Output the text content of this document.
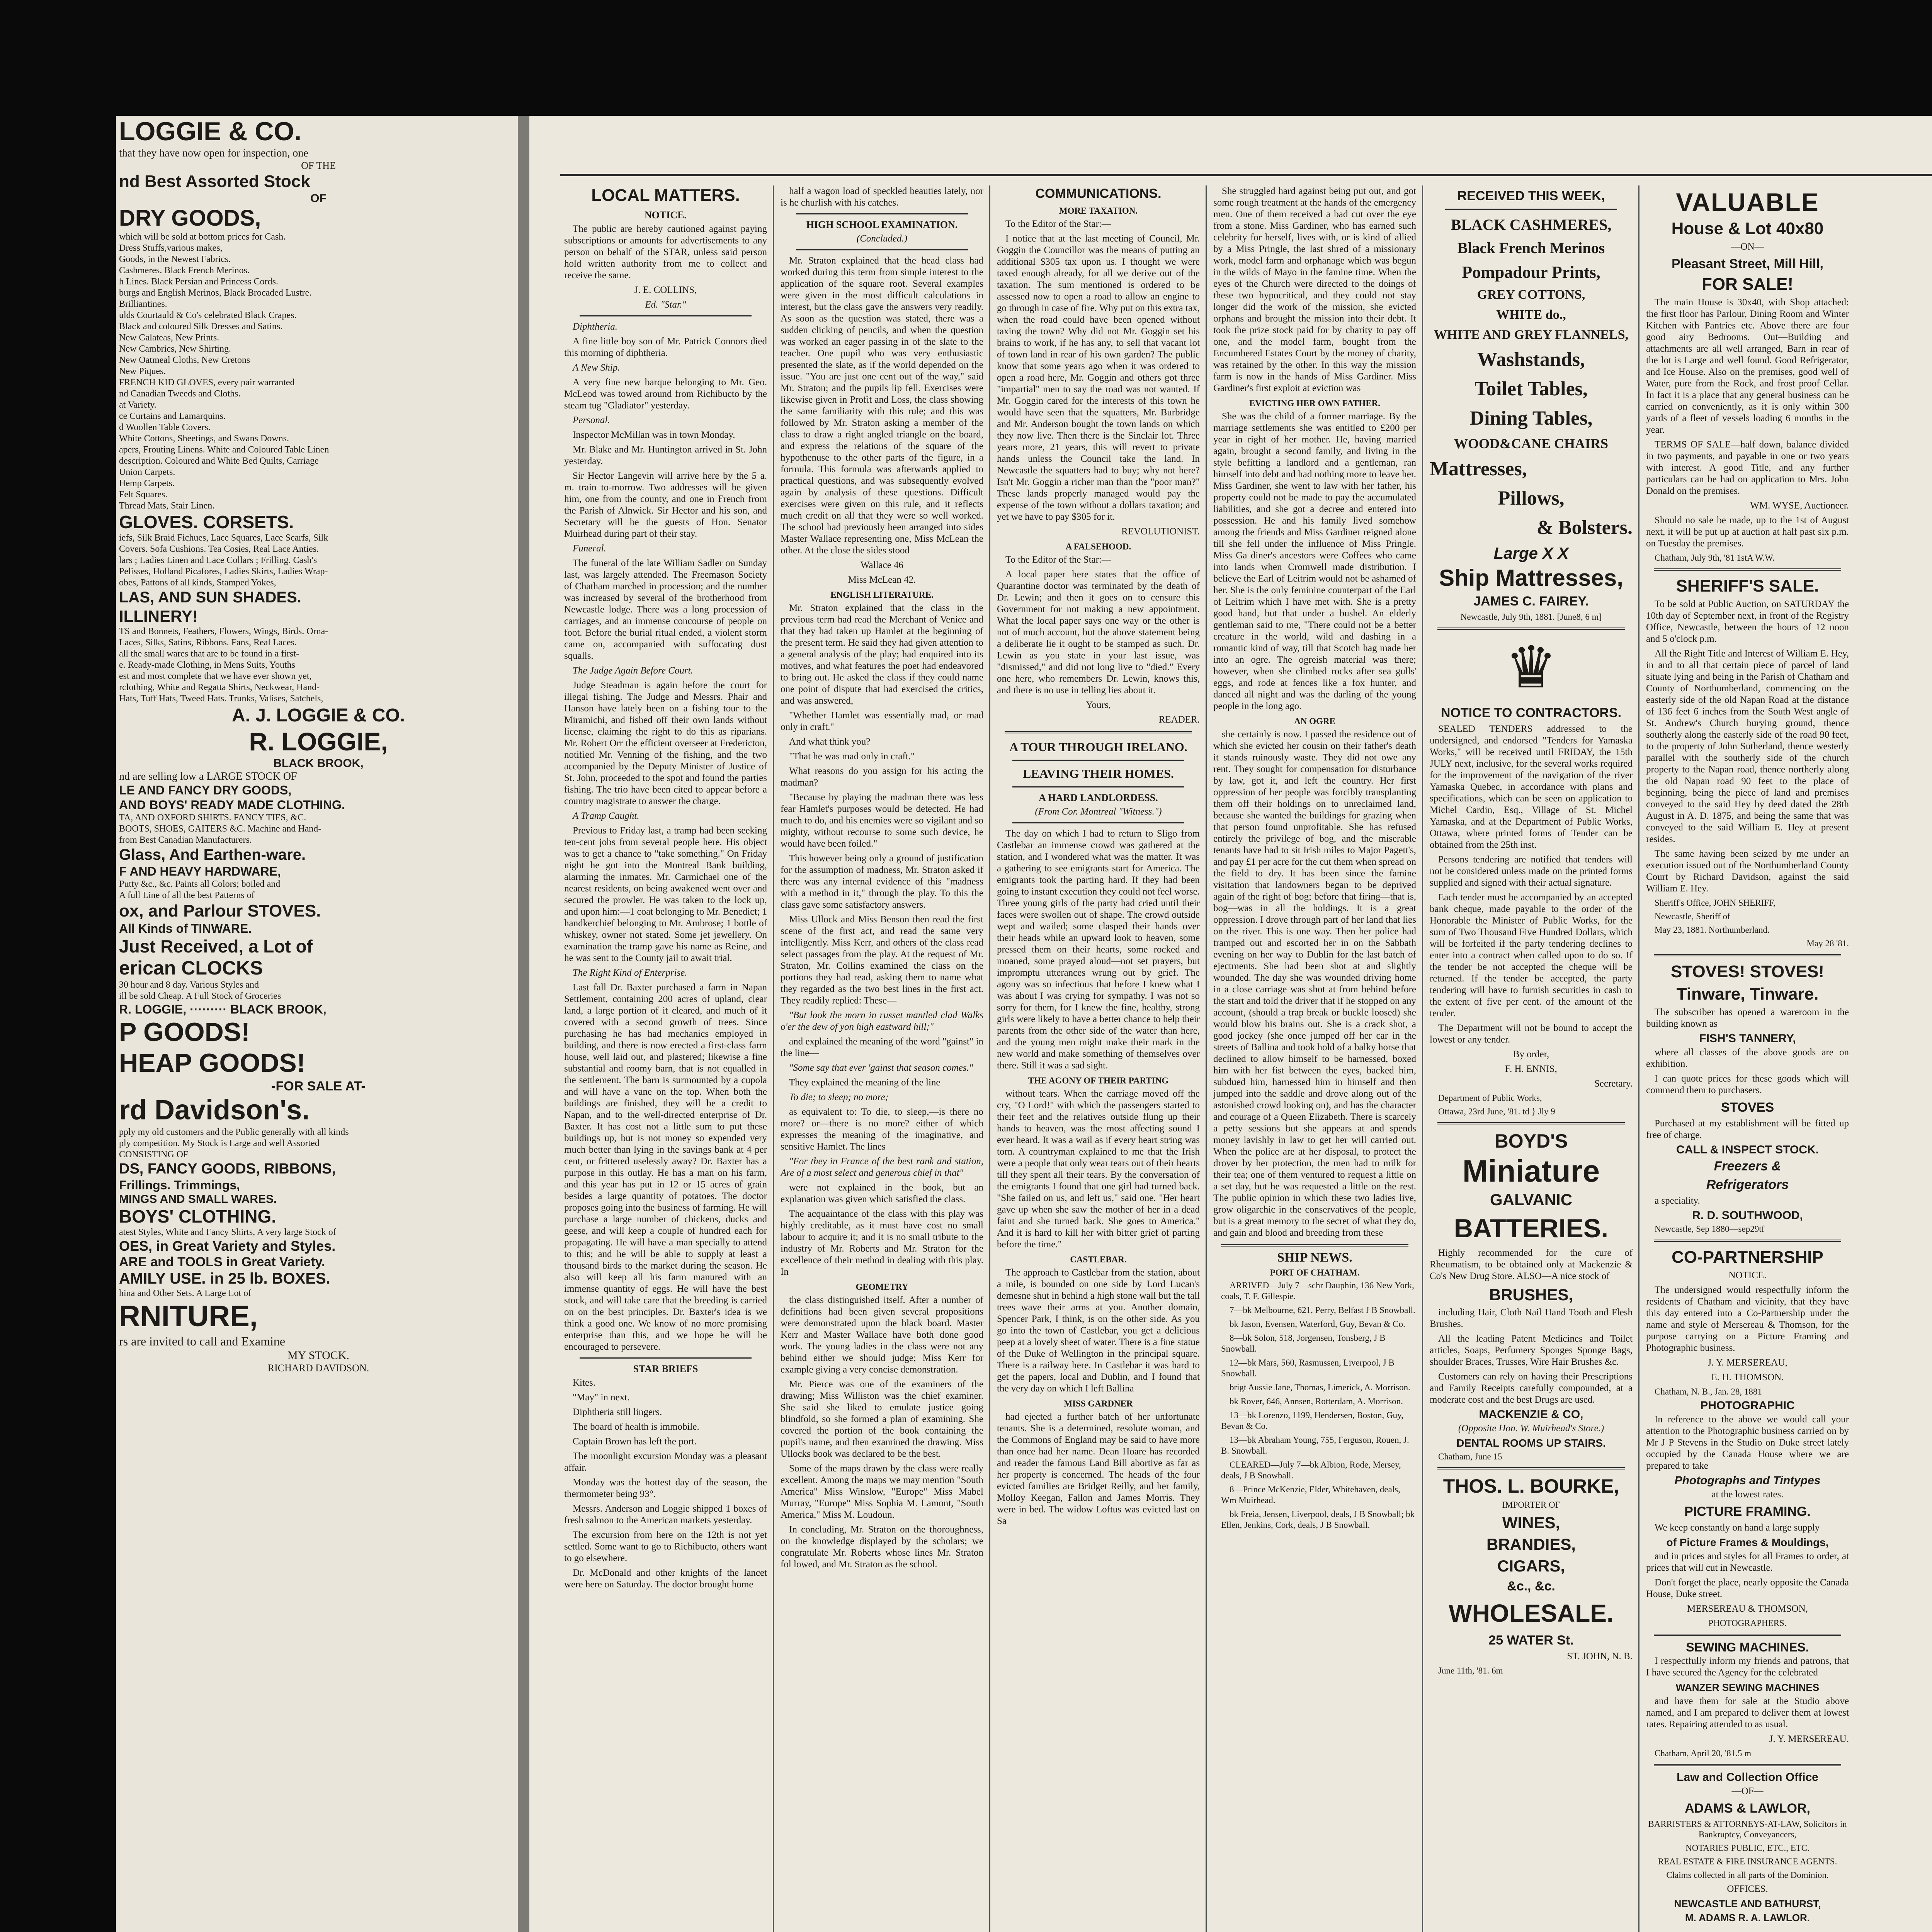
LOGGIE & CO.
that they have now open for inspection, one
OF THE
nd Best Assorted Stock
OF
DRY GOODS,
which will be sold at bottom prices for Cash.
Dress Stuffs,various makes,
Goods, in the Newest Fabrics.
Cashmeres. Black French Merinos.
h Lines. Black Persian and Princess Cords.
burgs and English Merinos, Black Brocaded Lustre.
Brilliantines.
ulds Courtauld & Co's celebrated Black Crapes.
Black and coloured Silk Dresses and Satins.
New Galateas, New Prints.
New Cambrics, New Shirting.
New Oatmeal Cloths, New Cretons
New Piques.
FRENCH KID GLOVES, every pair warranted
nd Canadian Tweeds and Cloths.
at Variety.
ce Curtains and Lamarquins.
d Woollen Table Covers.
White Cottons, Sheetings, and Swans Downs.
apers, Frouting Linens. White and Coloured Table Linen
description. Coloured and White Bed Quilts, Carriage
Union Carpets.
Hemp Carpets.
Felt Squares.
Thread Mats, Stair Linen.
GLOVES. CORSETS.
iefs, Silk Braid Fichues, Lace Squares, Lace Scarfs, Silk
Covers. Sofa Cushions. Tea Cosies, Real Lace Anties.
lars ; Ladies Linen and Lace Collars ; Frilling. Cash's
Pelisses, Holland Picafores, Ladies Skirts, Ladies Wrap-
obes, Pattons of all kinds, Stamped Yokes,
LAS, AND SUN SHADES.
ILLINERY!
TS and Bonnets, Feathers, Flowers, Wings, Birds. Orna-
Laces, Silks, Satins, Ribbons. Fans, Real Laces.
all the small wares that are to be found in a first-
e. Ready-made Clothing, in Mens Suits, Youths
est and most complete that we have ever shown yet,
rclothing, White and Regatta Shirts, Neckwear, Hand-
Hats, Tuff Hats, Tweed Hats. Trunks, Valises, Satchels,
A. J. LOGGIE & CO.
R. LOGGIE,
BLACK BROOK,
nd are selling low a LARGE STOCK OF
LE AND FANCY DRY GOODS,
AND BOYS' READY MADE CLOTHING.
TA, AND OXFORD SHIRTS. FANCY TIES, &C.
BOOTS, SHOES, GAITERS &C. Machine and Hand-
from Best Canadian Manufacturers.
Glass, And Earthen-ware.
F AND HEAVY HARDWARE,
Putty &c., &c. Paints all Colors; boiled and
A full Line of all the best Patterns of
ox, and Parlour STOVES.
All Kinds of TINWARE.
Just Received, a Lot of
erican CLOCKS
30 hour and 8 day. Various Styles and
ill be sold Cheap. A Full Stock of Groceries
R. LOGGIE, ········· BLACK BROOK,
P GOODS!
HEAP GOODS!
-FOR SALE AT-
rd Davidson's.
pply my old customers and the Public generally with all kinds
ply competition. My Stock is Large and well Assorted
CONSISTING OF
DS, FANCY GOODS, RIBBONS,
Frillings. Trimmings,
MINGS AND SMALL WARES.
BOYS' CLOTHING.
atest Styles, White and Fancy Shirts, A very large Stock of
OES, in Great Variety and Styles.
ARE and TOOLS in Great Variety.
AMILY USE. in 25 lb. BOXES.
hina and Other Sets. A Large Lot of
RNITURE,
rs are invited to call and Examine
MY STOCK.
RICHARD DAVIDSON.
LOCAL MATTERS.
NOTICE.

The public are hereby cautioned against paying subscriptions or amounts for advertisements to any person on behalf of the STAR, unless said person hold written authority from me to collect and receive the same.

J. E. COLLINS,

Ed. "Star."

Diphtheria.

A fine little boy son of Mr. Patrick Connors died this morning of diphtheria.

A New Ship.

A very fine new barque belonging to Mr. Geo. McLeod was towed around from Richibucto by the steam tug "Gladiator" yesterday.

Personal.

Inspector McMillan was in town Monday.

Mr. Blake and Mr. Huntington arrived in St. John yesterday.

Sir Hector Langevin will arrive here by the 5 a. m. train to-morrow. Two addresses will be given him, one from the county, and one in French from the Parish of Alnwick. Sir Hector and his son, and Secretary will be the guests of Hon. Senator Muirhead during part of their stay.

Funeral.

The funeral of the late William Sadler on Sunday last, was largely attended. The Freemason Society of Chatham marched in procession; and the number was increased by several of the brotherhood from Newcastle lodge. There was a long procession of carriages, and an immense concourse of people on foot. Before the burial ritual ended, a violent storm came on, accompanied with suffocating dust squalls.

The Judge Again Before Court.

Judge Steadman is again before the court for illegal fishing. The Judge and Messrs. Phair and Hanson have lately been on a fishing tour to the Miramichi, and fished off their own lands without license, claiming the right to do this as riparians. Mr. Robert Orr the efficient overseer at Fredericton, notified Mr. Venning of the fishing, and the two accompanied by the Deputy Minister of Justice of St. John, proceeded to the spot and found the parties fishing. The trio have been cited to appear before a country magistrate to answer the charge.

A Tramp Caught.

Previous to Friday last, a tramp had been seeking ten-cent jobs from several people here. His object was to get a chance to "take something." On Friday night he got into the Montreal Bank building, alarming the inmates. Mr. Carmichael one of the nearest residents, on being awakened went over and secured the prowler. He was taken to the lock up, and upon him:—1 coat belonging to Mr. Benedict; 1 handkerchief belonging to Mr. Ambrose; 1 bottle of whiskey, owner not stated. Some jet jewellery. On examination the tramp gave his name as Reine, and he was sent to the County jail to await trial.

The Right Kind of Enterprise.

Last fall Dr. Baxter purchased a farm in Napan Settlement, containing 200 acres of upland, clear land, a large portion of it cleared, and much of it covered with a second growth of trees. Since purchasing he has had mechanics employed in building, and there is now erected a first-class farm house, well laid out, and plastered; likewise a fine substantial and roomy barn, that is not equalled in the settlement. The barn is surmounted by a cupola and will have a vane on the top. When both the buildings are finished, they will be a credit to Napan, and to the well-directed enterprise of Dr. Baxter. It has cost not a little sum to put these buildings up, but is not money so expended very much better than lying in the savings bank at 4 per cent, or frittered uselessly away? Dr. Baxter has a purpose in this outlay. He has a man on his farm, and this year has put in 12 or 15 acres of grain besides a large quantity of potatoes. The doctor proposes going into the business of farming. He will purchase a large number of chickens, ducks and geese, and will keep a couple of hundred each for propagating. He will have a man specially to attend to this; and he will be able to supply at least a thousand birds to the market during the season. He also will keep all his farm manured with an immense quantity of eggs. He will have the best stock, and will take care that the breeding is carried on on the best principles. Dr. Baxter's idea is we think a good one. We know of no more promising enterprise than this, and we hope he will be encouraged to persevere.

STAR BRIEFS

Kites.

"May" in next.

Diphtheria still lingers.

The board of health is immobile.

Captain Brown has left the port.

The moonlight excursion Monday was a pleasant affair.

Monday was the hottest day of the season, the thermometer being 93°.

Messrs. Anderson and Loggie shipped 1 boxes of fresh salmon to the American markets yesterday.

The excursion from here on the 12th is not yet settled. Some want to go to Richibucto, others want to go elsewhere.

Dr. McDonald and other knights of the lancet were here on Saturday. The doctor brought home

half a wagon load of speckled beauties lately, nor is he churlish with his catches.

HIGH SCHOOL EXAMINATION.

(Concluded.)

Mr. Straton explained that the head class had worked during this term from simple interest to the application of the square root. Several examples were given in the most difficult calculations in interest, but the class gave the answers very readily. As soon as the question was stated, there was a sudden clicking of pencils, and when the question was worked an eager passing in of the slate to the teacher. One pupil who was very enthusiastic presented the slate, as if the world depended on the issue. "You are just one cent out of the way," said Mr. Straton; and the pupils lip fell. Exercises were likewise given in Profit and Loss, the class showing the same familiarity with this rule; and this was followed by Mr. Straton asking a member of the class to draw a right angled triangle on the board, and express the relations of the square of the hypothenuse to the other parts of the figure, in a formula. This formula was afterwards applied to practical questions, and was subsequently evolved again by analysis of these questions. Difficult exercises were given on this rule, and it reflects much credit on all that they were so well worked. The school had previously been arranged into sides Master Wallace representing one, Miss McLean the other. At the close the sides stood

Wallace 46

Miss McLean 42.

ENGLISH LITERATURE.

Mr. Straton explained that the class in the previous term had read the Merchant of Venice and that they had taken up Hamlet at the beginning of the present term. He said they had given attention to a general analysis of the play; had enquired into its motives, and what features the poet had endeavored to bring out. He asked the class if they could name one point of dispute that had exercised the critics, and was answered,

"Whether Hamlet was essentially mad, or mad only in craft."

And what think you?

"That he was mad only in craft."

What reasons do you assign for his acting the madman?

"Because by playing the madman there was less fear Hamlet's purposes would be detected. He had much to do, and his enemies were so vigilant and so mighty, without recourse to some such device, he would have been foiled."

This however being only a ground of justification for the assumption of madness, Mr. Straton asked if there was any internal evidence of this "madness with a method in it," through the play. To this the class gave some satisfactory answers.

Miss Ullock and Miss Benson then read the first scene of the first act, and read the same very intelligently. Miss Kerr, and others of the class read select passages from the play. At the request of Mr. Straton, Mr. Collins examined the class on the portions they had read, asking them to name what they regarded as the two best lines in the first act. They readily replied: These—

"But look the morn in russet mantled clad Walks o'er the dew of yon high eastward hill;"

and explained the meaning of the word "gainst" in the line—

"Some say that ever 'gainst that season comes."

They explained the meaning of the line

To die; to sleep; no more;

as equivalent to: To die, to sleep,—is there no more? or—there is no more? either of which expresses the meaning of the imaginative, and sensitive Hamlet. The lines

"For they in France of the best rank and station, Are of a most select and generous chief in that"

were not explained in the book, but an explanation was given which satisfied the class.

The acquaintance of the class with this play was highly creditable, as it must have cost no small labour to acquire it; and it is no small tribute to the industry of Mr. Roberts and Mr. Straton for the excellence of their method in dealing with this play. In

GEOMETRY

the class distinguished itself. After a number of definitions had been given several propositions were demonstrated upon the black board. Master Kerr and Master Wallace have both done good work. The young ladies in the class were not any behind either we should judge; Miss Kerr for example giving a very concise demonstration.

Mr. Pierce was one of the examiners of the drawing; Miss Williston was the chief examiner. She said she liked to emulate justice going blindfold, so she formed a plan of examining. She covered the portion of the book containing the pupil's name, and then examined the drawing. Miss Ullocks book was declared to be the best.

Some of the maps drawn by the class were really excellent. Among the maps we may mention "South America" Miss Winslow, "Europe" Miss Mabel Murray, "Europe" Miss Sophia M. Lamont, "South America," Miss M. Loudoun.

In concluding, Mr. Straton on the thoroughness, on the knowledge displayed by the scholars; we congratulate Mr. Roberts whose lines Mr. Straton fol lowed, and Mr. Straton as the school.

COMMUNICATIONS.
MORE TAXATION.

To the Editor of the Star:—

I notice that at the last meeting of Council, Mr. Goggin the Councillor was the means of putting an additional $305 tax upon us. I thought we were taxed enough already, for all we derive out of the taxation. The sum mentioned is ordered to be assessed now to open a road to allow an engine to go through in case of fire. Why put on this extra tax, when the road could have been opened without taxing the town? Why did not Mr. Goggin set his brains to work, if he has any, to sell that vacant lot of town land in rear of his own garden? The public know that some years ago when it was ordered to open a road here, Mr. Goggin and others got three "impartial" men to say the road was not wanted. If Mr. Goggin cared for the interests of this town he would have seen that the squatters, Mr. Burbridge and Mr. Anderson bought the town lands on which they now live. Then there is the Sinclair lot. Three years more, 21 years, this will revert to private hands unless the Council take the land. In Newcastle the squatters had to buy; why not here? Isn't Mr. Goggin a richer man than the "poor man?" These lands properly managed would pay the expense of the town without a dollars taxation; and yet we have to pay $305 for it.

REVOLUTIONIST.

A FALSEHOOD.

To the Editor of the Star:—

A local paper here states that the office of Quarantine doctor was terminated by the death of Dr. Lewin; and then it goes on to censure this Government for not making a new appointment. What the local paper says one way or the other is not of much account, but the above statement being a deliberate lie it ought to be stamped as such. Dr. Lewin as you state in your last issue, was "dismissed," and did not long live to "died." Every one here, who remembers Dr. Lewin, knows this, and there is no use in telling lies about it.

Yours,

READER.

A TOUR THROUGH IRELANO.
LEAVING THEIR HOMES.
A HARD LANDLORDESS.

(From Cor. Montreal "Witness.")

The day on which I had to return to Sligo from Castlebar an immense crowd was gathered at the station, and I wondered what was the matter. It was a gathering to see emigrants start for America. The emigrants took the parting hard. If they had been going to instant execution they could not feel worse. Three young girls of the party had cried until their faces were swollen out of shape. The crowd outside wept and wailed; some clasped their hands over their heads while an upward look to heaven, some pressed them on their hearts, some rocked and moaned, some prayed aloud—not set prayers, but impromptu utterances wrung out by grief. The agony was so infectious that before I knew what I was about I was crying for sympathy. I was not so sorry for them, for I knew the fine, healthy, strong girls were likely to have a better chance to help their parents from the other side of the water than here, and the young men might make their mark in the new world and make something of themselves over there. Still it was a sad sight.

THE AGONY OF THEIR PARTING

without tears. When the carriage moved off the cry, "O Lord!" with which the passengers started to their feet and the relatives outside flung up their hands to heaven, was the most affecting sound I ever heard. It was a wail as if every heart string was torn. A countryman explained to me that the Irish were a people that only wear tears out of their hearts till they spent all their tears. By the conversation of the emigrants I found that one girl had turned back. "She failed on us, and left us," said one. "Her heart gave up when she saw the mother of her in a dead faint and she turned back. She goes to America." And it is hard to kill her with bitter grief of parting before the time."

CASTLEBAR.

The approach to Castlebar from the station, about a mile, is bounded on one side by Lord Lucan's demesne shut in behind a high stone wall but the tall trees wave their arms at you. Another domain, Spencer Park, I think, is on the other side. As you go into the town of Castlebar, you get a delicious peep at a lovely sheet of water. There is a fine statue of the Duke of Wellington in the principal square. There is a railway here. In Castlebar it was hard to get the papers, local and Dublin, and I found that the very day on which I left Ballina

MISS GARDNER

had ejected a further batch of her unfortunate tenants. She is a determined, resolute woman, and the Commons of England may be said to have more than once had her name. Dean Hoare has recorded and reader the famous Land Bill abortive as far as her property is concerned. The heads of the four evicted families are Bridget Reilly, and her family, Molloy Keegan, Fallon and James Morris. They were in bed. The widow Loftus was evicted last on Sa

She struggled hard against being put out, and got some rough treatment at the hands of the emergency men. One of them received a bad cut over the eye from a stone. Miss Gardiner, who has earned such celebrity for herself, lives with, or is kind of allied by a Miss Pringle, the last shred of a missionary work, model farm and orphanage which was begun in the wilds of Mayo in the famine time. When the eyes of the Church were directed to the doings of these two hypocritical, and they could not stay longer did the work of the mission, she evicted orphans and brought the mission into their debt. It took the prize stock paid for by charity to pay off one, and the model farm, bought from the Encumbered Estates Court by the money of charity, was retained by the other. In this way the mission farm is now in the hands of Miss Gardiner. Miss Gardiner's first exploit at eviction was

EVICTING HER OWN FATHER.

She was the child of a former marriage. By the marriage settlements she was entitled to £200 per year in right of her mother. He, having married again, brought a second family, and living in the style befitting a landlord and a gentleman, ran himself into debt and had nothing more to leave her. Miss Gardiner, she went to law with her father, his property could not be made to pay the accumulated liabilities, and she got a decree and entered into possession. He and his family lived somehow among the friends and Miss Gardiner reigned alone till she fell under the influence of Miss Pringle. Miss Ga diner's ancestors were Coffees who came into lands when Cromwell made distribution. I believe the Earl of Leitrim would not be ashamed of her. She is the only feminine counterpart of the Earl of Leitrim which I have met with. She is a pretty good hand, but that under a bushel. An elderly gentleman said to me, "There could not be a better creature in the world, wild and dashing in a romantic kind of way, till that Scotch hag made her into an ogre. The ogreish material was there; however, when she climbed rocks after sea gulls' eggs, and rode at fences like a fox hunter, and danced all night and was the darling of the young people in the long ago.

AN OGRE

she certainly is now. I passed the residence out of which she evicted her cousin on their father's death it stands ruinously waste. They did not owe any rent. They sought for compensation for disturbance by law, got it, and left the country. Her first oppression of her people was forcibly transplanting them off their holdings on to unreclaimed land, because she wanted the buildings for grazing when that person found unprofitable. She has refused entirely the privilege of bog, and the miserable tenants have had to sit Irish miles to Major Pagett's, and pay £1 per acre for the cut them when spread on the field to dry. It has been since the famine visitation that landowners began to be deprived again of the right of bog; before that firing—that is, bog—was in all the holdings. It is a great oppression. I drove through part of her land that lies on the river. This is one way. Then her police had tramped out and escorted her in on the Sabbath evening on her way to Dublin for the last batch of ejectments. She had been shot at and slightly wounded. The day she was wounded driving home in a close carriage was shot at from behind before the start and told the driver that if he stopped on any account, (should a trap break or buckle loosed) she would blow his brains out. She is a crack shot, a good jockey (she once jumped off her car in the streets of Ballina and took hold of a balky horse that declined to allow himself to be harnessed, boxed him with her fist between the eyes, backed him, subdued him, harnessed him in himself and then jumped into the saddle and drove along out of the astonished crowd looking on), and has the character and courage of a Queen Elizabeth. There is scarcely a petty sessions but she appears at and spends money lavishly in law to get her will carried out. When the police are at her disposal, to protect the drover by her protection, the men had to milk for their tea; one of them ventured to request a little on a set day, but he was requested a little on the rest. The public opinion in which these two ladies live, grow oligarchic in the conservatives of the people, but is a great memory to the secret of what they do, and gain and blood and breeding from these

SHIP NEWS.
PORT OF CHATHAM.

ARRIVED—July 7—schr Dauphin, 136 New York, coals, T. F. Gillespie.

7—bk Melbourne, 621, Perry, Belfast J B Snowball.

bk Jason, Evensen, Waterford, Guy, Bevan & Co.

8—bk Solon, 518, Jorgensen, Tonsberg, J B Snowball.

12—bk Mars, 560, Rasmussen, Liverpool, J B Snowball.

brigt Aussie Jane, Thomas, Limerick, A. Morrison.

bk Rover, 646, Annsen, Rotterdam, A. Morrison.

13—bk Lorenzo, 1199, Hendersen, Boston, Guy, Bevan & Co.

13—bk Abraham Young, 755, Ferguson, Rouen, J. B. Snowball.

CLEARED—July 7—bk Albion, Rode, Mersey, deals, J B Snowball.

8—Prince McKenzie, Elder, Whitehaven, deals, Wm Muirhead.

bk Freia, Jensen, Liverpool, deals, J B Snowball; bk Ellen, Jenkins, Cork, deals, J B Snowball.

RECEIVED THIS WEEK,
BLACK CASHMERES,
Black French Merinos
Pompadour Prints,
GREY COTTONS,
WHITE do.,
WHITE AND GREY FLANNELS,
Washstands,
Toilet Tables,
Dining Tables,
WOOD&CANE CHAIRS
Mattresses,
Pillows,
& Bolsters.
Large X X
Ship Mattresses,
JAMES C. FAIREY.

Newcastle, July 9th, 1881. [June8, 6 m]

♛
NOTICE TO CONTRACTORS.

SEALED TENDERS addressed to the undersigned, and endorsed "Tenders for Yamaska Works," will be received until FRIDAY, the 15th JULY next, inclusive, for the several works required for the improvement of the navigation of the river Yamaska Quebec, in accordance with plans and specifications, which can be seen on application to Michel Cardin, Esq., Village of St. Michel Yamaska, and at the Department of Public Works, Ottawa, where printed forms of Tender can be obtained from the 25th inst.

Persons tendering are notified that tenders will not be considered unless made on the printed forms supplied and signed with their actual signature.

Each tender must be accompanied by an accepted bank cheque, made payable to the order of the Honorable the Minister of Public Works, for the sum of Two Thousand Five Hundred Dollars, which will be forfeited if the party tendering declines to enter into a contract when called upon to do so. If the tender be not accepted the cheque will be returned. If the tender be accepted, the party tendering will have to furnish securities in cash to the extent of five per cent. of the amount of the tender.

The Department will not be bound to accept the lowest or any tender.

By order,

F. H. ENNIS,

Secretary.

Department of Public Works,

Ottawa, 23rd June, '81. td } Jly 9

BOYD'S
Miniature
GALVANIC
BATTERIES.

Highly recommended for the cure of Rheumatism, to be obtained only at Mackenzie & Co's New Drug Store. ALSO—A nice stock of

BRUSHES,

including Hair, Cloth Nail Hand Tooth and Flesh Brushes.

All the leading Patent Medicines and Toilet articles, Soaps, Perfumery Sponges Sponge Bags, shoulder Braces, Trusses, Wire Hair Brushes &c.

Customers can rely on having their Prescriptions and Family Receipts carefully compounded, at a moderate cost and the best Drugs are used.

MACKENZIE & CO,

(Opposite Hon. W. Muirhead's Store.)

DENTAL ROOMS UP STAIRS.

Chatham, June 15

THOS. L. BOURKE,

IMPORTER OF

WINES,
BRANDIES,
CIGARS,
&c., &c.
WHOLESALE.
25 WATER St.

ST. JOHN, N. B.

June 11th, '81. 6m

VALUABLE
House & Lot 40x80

—ON—

Pleasant Street, Mill Hill,
FOR SALE!

The main House is 30x40, with Shop attached: the first floor has Parlour, Dining Room and Winter Kitchen with Pantries etc. Above there are four good airy Bedrooms. Out—Building and attachments are all well arranged, Barn in rear of the lot is Large and well found. Good Refrigerator, and Ice House. Also on the premises, good well of Water, pure from the Rock, and frost proof Cellar. In fact it is a place that any general business can be carried on conveniently, as it is only within 300 yards of a fleet of vessels loading 6 months in the year.

TERMS OF SALE—half down, balance divided in two payments, and payable in one or two years with interest. A good Title, and any further particulars can be had on application to Mrs. John Donald on the premises.

WM. WYSE, Auctioneer.

Should no sale be made, up to the 1st of August next, it will be put up at auction at half past six p.m. on Tuesday the premises.

Chatham, July 9th, '81 1stA W.W.

SHERIFF'S SALE.

To be sold at Public Auction, on SATURDAY the 10th day of September next, in front of the Registry Office, Newcastle, between the hours of 12 noon and 5 o'clock p.m.

All the Right Title and Interest of William E. Hey, in and to all that certain piece of parcel of land situate lying and being in the Parish of Chatham and County of Northumberland, commencing on the easterly side of the old Napan Road at the distance of 136 feet 6 inches from the South West angle of St. Andrew's Church burying ground, thence southerly along the easterly side of the road 90 feet, to the property of John Sutherland, thence westerly parallel with the southerly side of the church property to the Napan road, thence northerly along the old Napan road 90 feet to the place of beginning, being the piece of land and premises conveyed to the said Hey by deed dated the 28th August in A. D. 1875, and being the same that was conveyed to the said William E. Hey at present resides.

The same having been seized by me under an execution issued out of the Northumberland County Court by Richard Davidson, against the said William E. Hey.

Sheriff's Office, JOHN SHERIFF,

Newcastle, Sheriff of

May 23, 1881. Northumberland.

May 28 '81.

STOVES! STOVES!
Tinware, Tinware.

The subscriber has opened a wareroom in the building known as

FISH'S TANNERY,

where all classes of the above goods are on exhibition.

I can quote prices for these goods which will commend them to purchasers.

STOVES

Purchased at my establishment will be fitted up free of charge.

CALL & INSPECT STOCK.
Freezers &
Refrigerators

a speciality.

R. D. SOUTHWOOD,

Newcastle, Sep 1880—sep29tf

CO-PARTNERSHIP

NOTICE.

The undersigned would respectfully inform the residents of Chatham and vicinity, that they have this day entered into a Co-Partnership under the name and style of Mersereau & Thomson, for the purpose carrying on a Picture Framing and Photographic business.

J. Y. MERSEREAU,

E. H. THOMSON.

Chatham, N. B., Jan. 28, 1881

PHOTOGRAPHIC

In reference to the above we would call your attention to the Photographic business carried on by Mr J P Stevens in the Studio on Duke street lately occupied by the Canada House where we are prepared to take

Photographs and Tintypes

at the lowest rates.

PICTURE FRAMING.

We keep constantly on hand a large supply

of Picture Frames & Mouldings,

and in prices and styles for all Frames to order, at prices that will cut in Newcastle.

Don't forget the place, nearly opposite the Canada House, Duke street.

MERSEREAU & THOMSON,

PHOTOGRAPHERS.

SEWING MACHINES.

I respectfully inform my friends and patrons, that I have secured the Agency for the celebrated

WANZER SEWING MACHINES

and have them for sale at the Studio above named, and I am prepared to deliver them at lowest rates. Repairing attended to as usual.

J. Y. MERSEREAU.

Chatham, April 20, '81.5 m

Law and Collection Office

—OF—

ADAMS & LAWLOR,

BARRISTERS & ATTORNEYS-AT-LAW, Solicitors in Bankruptcy, Conveyancers,

NOTARIES PUBLIC, ETC., ETC.

REAL ESTATE & FIRE INSURANCE AGENTS.

Claims collected in all parts of the Dominion.

OFFICES.

NEWCASTLE AND BATHURST,
M. ADAMS R. A. LAWLOR.
